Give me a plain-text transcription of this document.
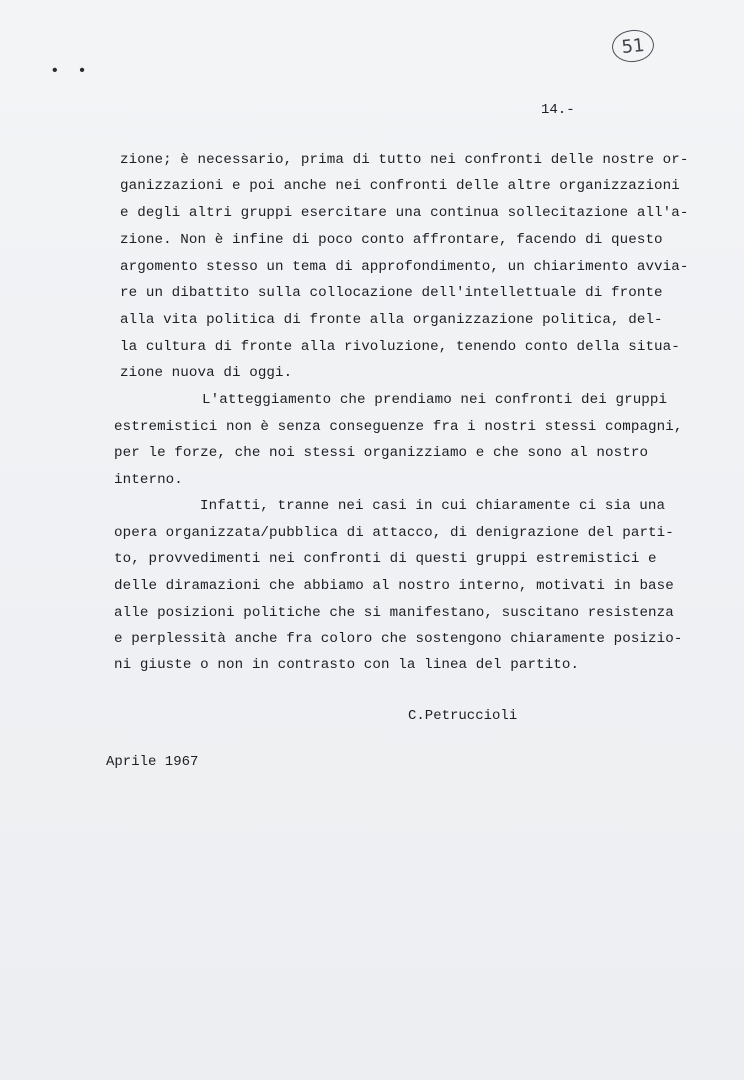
• •
51
14.-
zione; è necessario, prima di tutto nei confronti delle nostre or-
ganizzazioni e poi anche nei confronti delle altre organizzazioni
e degli altri gruppi esercitare una continua sollecitazione all'a-
zione. Non è infine di poco conto affrontare, facendo di questo
argomento stesso un tema di approfondimento, un chiarimento avvia-
re un dibattito sulla collocazione dell'intellettuale di fronte
alla vita politica di fronte alla organizzazione politica, del-
la cultura di fronte alla rivoluzione, tenendo conto della situa-
zione nuova di oggi.
L'atteggiamento che prendiamo nei confronti dei gruppi
estremistici non è senza conseguenze fra i nostri stessi compagni,
per le forze, che noi stessi organizziamo e che sono al nostro
interno.
Infatti, tranne nei casi in cui chiaramente ci sia una
opera organizzata/pubblica di attacco, di denigrazione del parti-
to, provvedimenti nei confronti di questi gruppi estremistici e
delle diramazioni che abbiamo al nostro interno, motivati in base
alle posizioni politiche che si manifestano, suscitano resistenza
e perplessità anche fra coloro che sostengono chiaramente posizio-
ni giuste o non in contrasto con la linea del partito.
C.Petruccioli
Aprile 1967
